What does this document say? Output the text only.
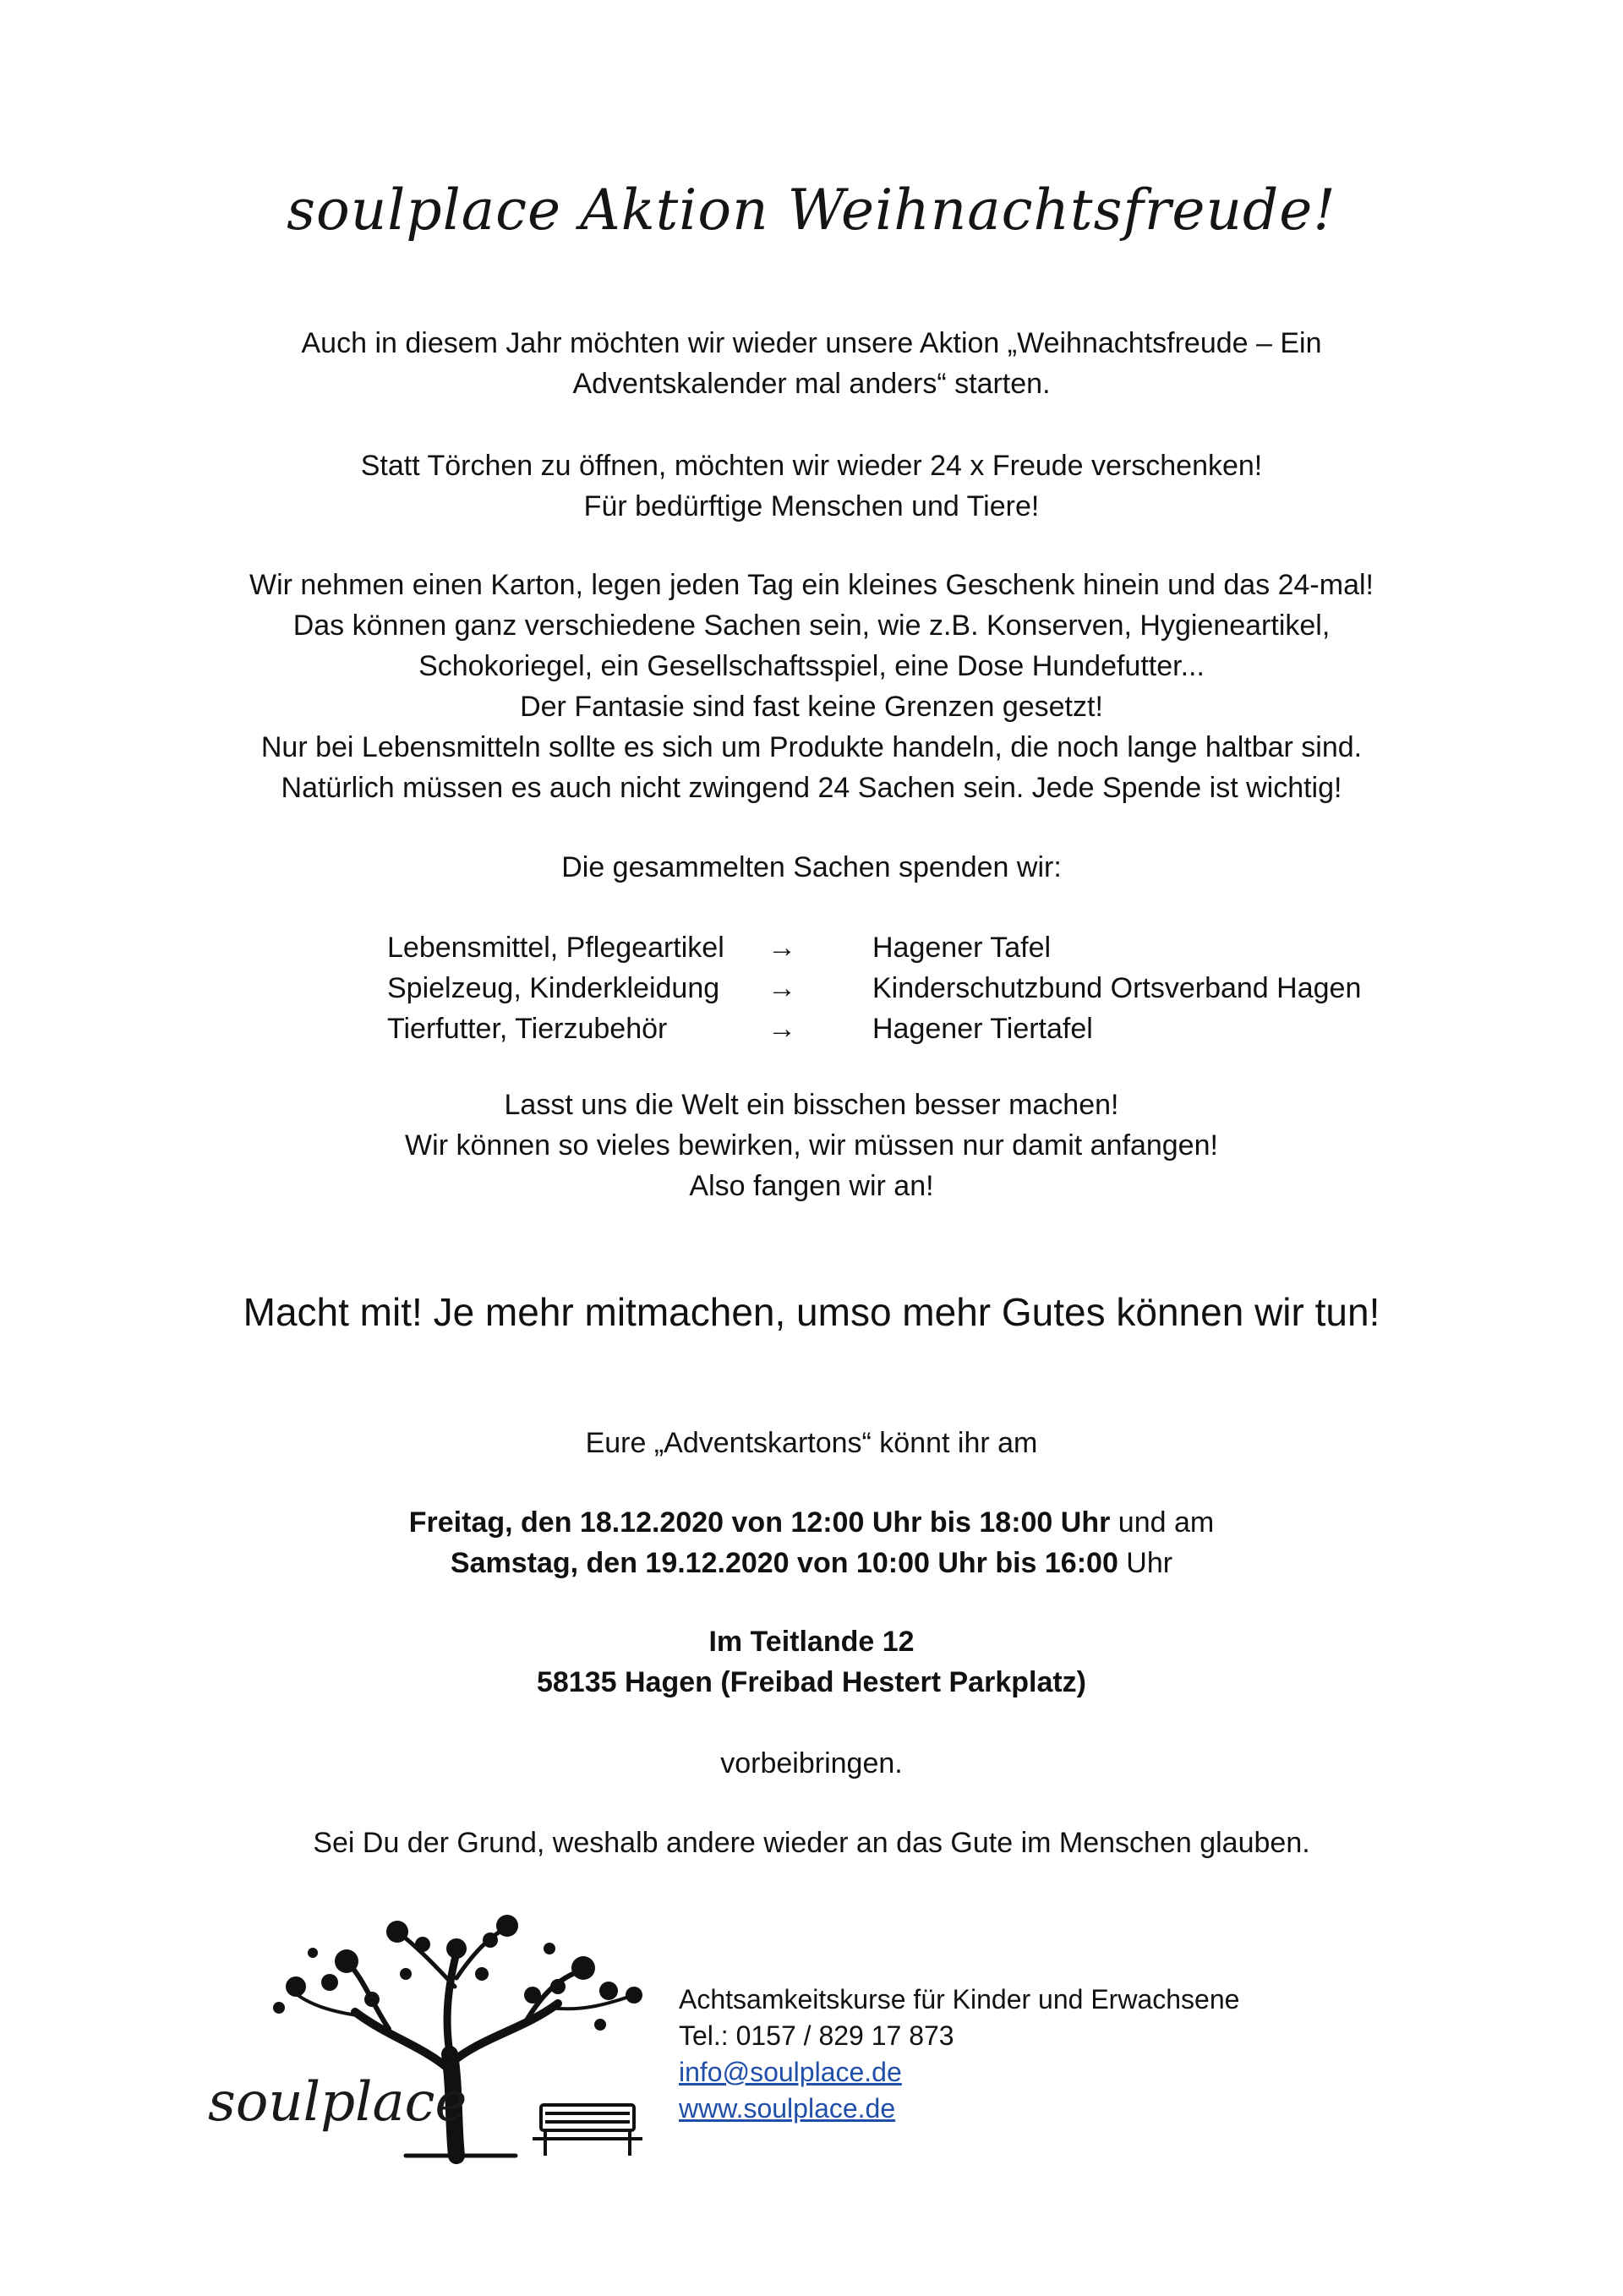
soulplace Aktion Weihnachtsfreude!

Auch in diesem Jahr möchten wir wieder unsere Aktion „Weihnachtsfreude – Ein

Adventskalender mal anders“ starten.

Statt Törchen zu öffnen, möchten wir wieder 24 x Freude verschenken!

Für bedürftige Menschen und Tiere!

Wir nehmen einen Karton, legen jeden Tag ein kleines Geschenk hinein und das 24-mal!

Das können ganz verschiedene Sachen sein, wie z.B. Konserven, Hygieneartikel,

Schokoriegel, ein Gesellschaftsspiel, eine Dose Hundefutter...

Der Fantasie sind fast keine Grenzen gesetzt!

Nur bei Lebensmitteln sollte es sich um Produkte handeln, die noch lange haltbar sind.

Natürlich müssen es auch nicht zwingend 24 Sachen sein. Jede Spende ist wichtig!

Die gesammelten Sachen spenden wir:

Lebensmittel, Pflegeartikel	→	Hagener Tafel
Spielzeug, Kinderkleidung	→	Kinderschutzbund Ortsverband Hagen
Tierfutter, Tierzubehör	→	Hagener Tiertafel

Lasst uns die Welt ein bisschen besser machen!

Wir können so vieles bewirken, wir müssen nur damit anfangen!

Also fangen wir an!

Macht mit! Je mehr mitmachen, umso mehr Gutes können wir tun!

Eure „Adventskartons“ könnt ihr am

Freitag, den 18.12.2020 von 12:00 Uhr bis 18:00 Uhr und am

Samstag, den 19.12.2020 von 10:00 Uhr bis 16:00 Uhr

Im Teitlande 12

58135 Hagen (Freibad Hestert Parkplatz)

vorbeibringen.

Sei Du der Grund, weshalb andere wieder an das Gute im Menschen glauben.

soulplace
Achtsamkeitskurse für Kinder und Erwachsene
Tel.: 0157 / 829 17 873
info@soulplace.de
www.soulplace.de
